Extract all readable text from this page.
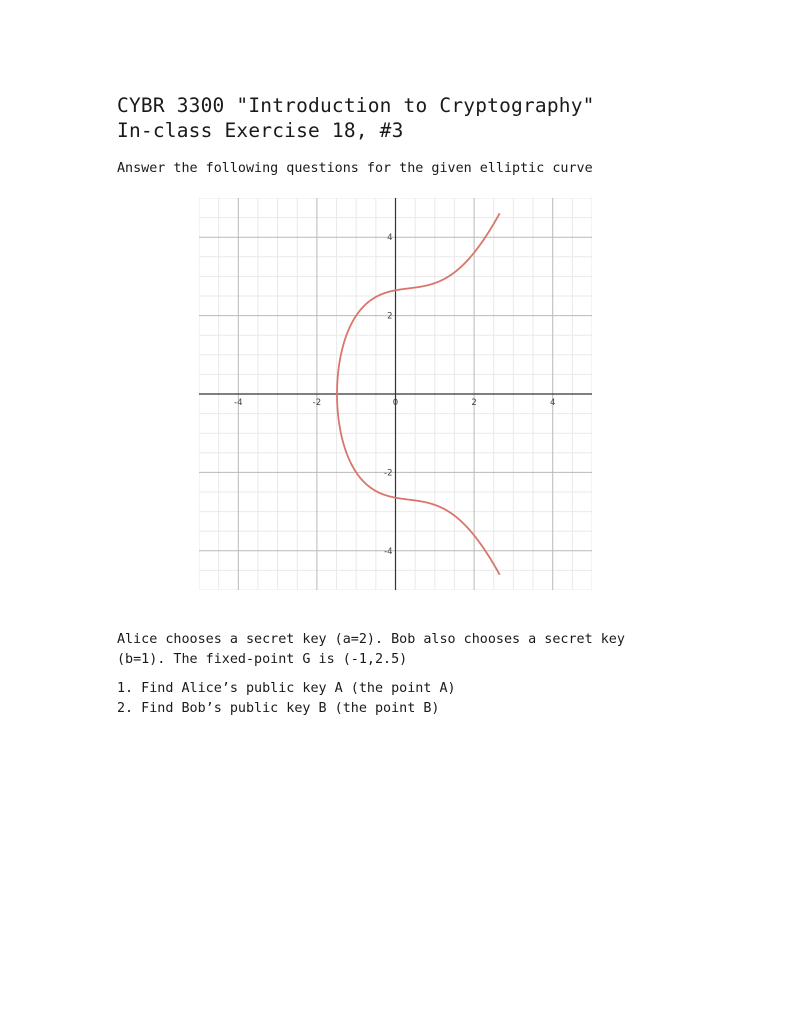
CYBR 3300 "Introduction to Cryptography"
In-class Exercise 18, #3
Answer the following questions for the given elliptic curve
-4	-2	0	2	4
4
2
-2
-4

Alice chooses a secret key (a=2). Bob also chooses a secret key

(b=1). The fixed-point G is (-1,2.5)

1. Find Alice’s public key A (the point A)
2. Find Bob’s public key B (the point B)
